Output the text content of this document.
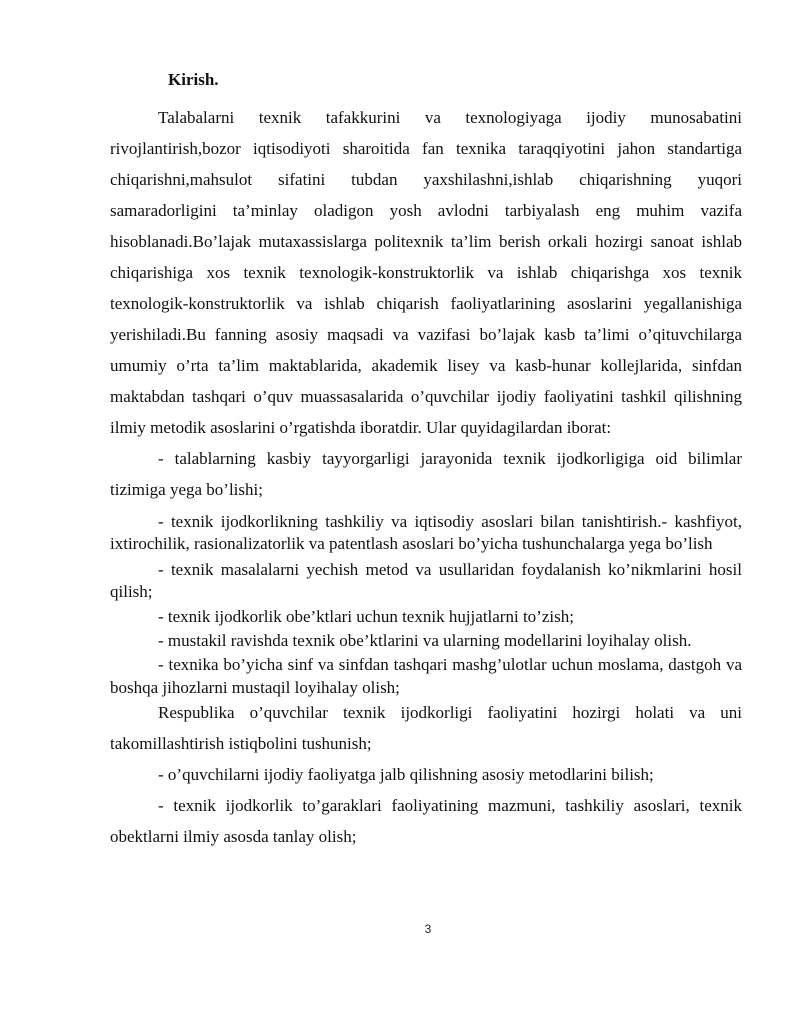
Kirish.

Talabalarni texnik tafakkurini va texnologiyaga ijodiy munosabatini rivojlantirish,bozor iqtisodiyoti sharoitida fan texnika taraqqiyotini jahon standartiga chiqarishni,mahsulot sifatini tubdan yaxshilashni,ishlab chiqarishning yuqori samaradorligini ta’minlay oladigon yosh avlodni tarbiyalash eng muhim vazifa hisoblanadi.Bo’lajak mutaxassislarga politexnik ta’lim berish orkali hozirgi sanoat ishlab chiqarishiga xos texnik texnologik-konstruktorlik va ishlab chiqarishga xos texnik texnologik-konstruktorlik va ishlab chiqarish faoliyatlarining asoslarini yegallanishiga yerishiladi.Bu fanning asosiy maqsadi va vazifasi bo’lajak kasb ta’limi o’qituvchilarga umumiy o’rta ta’lim maktablarida, akademik lisey va kasb-hunar kollejlarida, sinfdan maktabdan tashqari o’quv muassasalarida o’quvchilar ijodiy faoliyatini tashkil qilishning ilmiy metodik asoslarini o’rgatishda iboratdir. Ular quyidagilardan iborat:

- talablarning kasbiy tayyorgarligi jarayonida texnik ijodkorligiga oid bilimlar tizimiga yega bo’lishi;

- texnik ijodkorlikning tashkiliy va iqtisodiy asoslari bilan tanishtirish.- kashfiyot, ixtirochilik, rasionalizatorlik va patentlash asoslari bo’yicha tushunchalarga yega bo’lish

- texnik masalalarni yechish metod va usullaridan foydalanish ko’nikmlarini hosil qilish;

- texnik ijodkorlik obe’ktlari uchun texnik hujjatlarni to’zish;

- mustakil ravishda texnik obe’ktlarini va ularning modellarini loyihalay olish.

- texnika bo’yicha sinf va sinfdan tashqari mashg’ulotlar uchun moslama, dastgoh va boshqa jihozlarni mustaqil loyihalay olish;

Respublika o’quvchilar texnik ijodkorligi faoliyatini hozirgi holati va uni takomillashtirish istiqbolini tushunish;

- o’quvchilarni ijodiy faoliyatga jalb qilishning asosiy metodlarini bilish;

- texnik ijodkorlik to’garaklari faoliyatining mazmuni, tashkiliy asoslari, texnik obektlarni ilmiy asosda tanlay olish;

3
